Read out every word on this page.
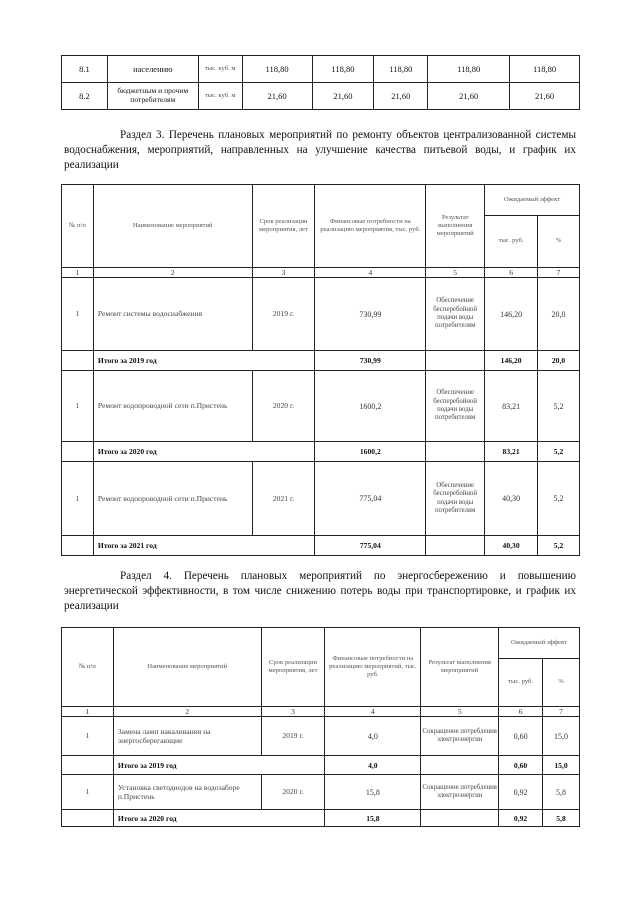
8.1	населению	тыс. куб. м	118,80	118,80	118,80	118,80	118,80
8.2	бюджетным и прочим потребителям	тыс. куб. м	21,60	21,60	21,60	21,60	21,60
Раздел 3. Перечень плановых мероприятий по ремонту объектов централизованной системы водоснабжения, мероприятий, направленных на улучшение качества питьевой воды, и график их реализации
№ п/п	Наименование мероприятий	Срок реализации мероприятия, лет	Финансовые потребности на реализацию мероприятия, тыс. руб.	Результат выполнения мероприятий	Ожидаемый эффект	
					тыс. руб.	%
1	2	3	4	5	6	7
1	Ремонт системы водоснабжения	2019 г.	730,99	Обеспечение бесперебойной подачи воды потребителям	146,20	20,0
	Итого за 2019 год		730,99		146,20	20,0
1	Ремонт водопроводной сети п.Пристень	2020 г.	1600,2	Обеспечение бесперебойной подачи воды потребителям	83,21	5,2
	Итого за 2020 год		1600,2		83,21	5,2
1	Ремонт водопроводной сети п.Пристень	2021 г.	775,04	Обеспечение бесперебойной подачи воды потребителям	40,30	5,2
	Итого за 2021 год		775,04		40,30	5,2
Раздел 4. Перечень плановых мероприятий по энергосбережению и повышению энергетической эффективности, в том числе снижению потерь воды при транспортировке, и график их реализации
№ п/п	Наименование мероприятий	Срок реализации мероприятия, лет	Финансовые потребности на реализацию мероприятий, тыс. руб.	Результат выполнения мероприятий	Ожидаемый эффект	
					тыс. руб.	%
1	2	3	4	5	6	7
1	Замена ламп накаливания на энергосберегающие	2019 г.	4,0	Сокращение потребления электроэнергии	0,60	15,0
	Итого за 2019 год		4,0		0,60	15,0
1	Установка светодиодов на водозаборе п.Пристень	2020 г.	15,8	Сокращение потребления электроэнергии	0,92	5,8
	Итого за 2020 год		15,8		0,92	5,8
